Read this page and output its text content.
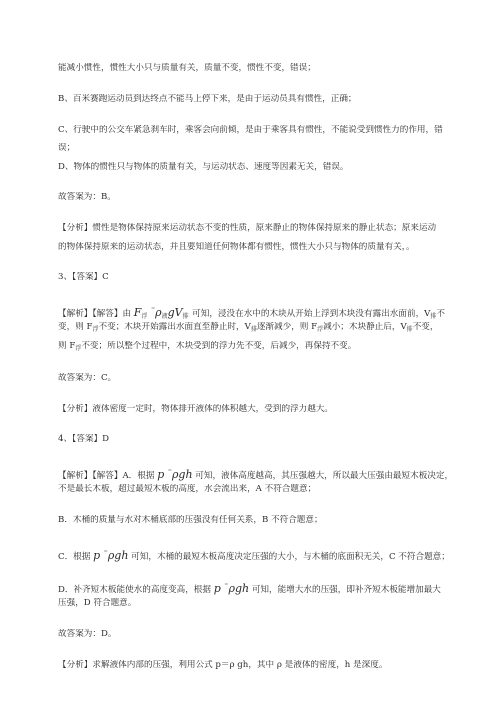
能减小惯性，惯性大小只与质量有关，质量不变，惯性不变，错误；
B、百米赛跑运动员到达终点不能马上停下来，是由于运动员具有惯性，正确；
C、行驶中的公交车紧急刹车时，乘客会向前倾，是由于乘客具有惯性，不能说受到惯性力的作用，错
误；
D、物体的惯性只与物体的质量有关，与运动状态、速度等因素无关，错误。
故答案为：B。
【分析】惯性是物体保持原来运动状态不变的性质，原来静止的物体保持原来的静止状态；原来运动
的物体保持原来的运动状态，并且要知道任何物体都有惯性，惯性大小只与物体的质量有关，。
3、【答案】C
【解析】【解答】由 $F_浮$ $^=\rho_液gV_排$ 可知，浸没在水中的木块从开始上浮到木块没有露出水面前，$V_排$不
变，则 $F_浮$不变；木块开始露出水面直至静止时，$V_排$逐渐减少，则 $F_浮$减小；木块静止后，$V_排$不变，
则 $F_浮$不变；所以整个过程中，木块受到的浮力先不变，后减少，再保持不变。
故答案为：C。
【分析】液体密度一定时，物体排开液体的体积越大，受到的浮力越大。
4、【答案】D
【解析】【解答】A．根据 p =ρgh 可知，液体高度越高，其压强越大，所以最大压强由最短木板决定，
不是最长木板，超过最短木板的高度，水会流出来，A 不符合题意；
B．木桶的质量与水对木桶底部的压强没有任何关系，B 不符合题意；
C．根据 p =ρgh 可知，木桶的最短木板高度决定压强的大小，与木桶的底面积无关，C 不符合题意；
D．补齐短木板能使水的高度变高，根据 p =ρgh 可知，能增大水的压强，即补齐短木板能增加最大
压强，D 符合题意。
故答案为：D。
【分析】求解液体内部的压强，利用公式 p＝ρ gh，其中 ρ 是液体的密度，h 是深度。
